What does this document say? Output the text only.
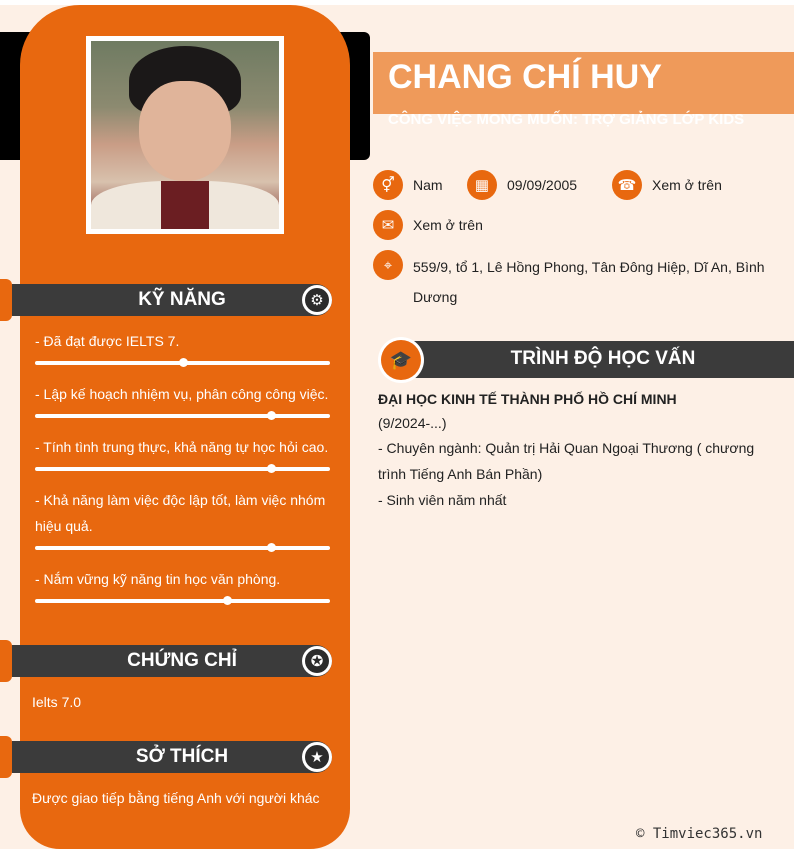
KỸ NĂNG	⚙
- Đã đạt được IELTS 7.
- Lập kế hoạch nhiệm vụ, phân công công việc.
- Tính tình trung thực, khả năng tự học hỏi cao.
- Khả năng làm việc độc lập tốt, làm việc nhóm hiệu quả.
- Nắm vững kỹ năng tin học văn phòng.
CHỨNG CHỈ	✪
Ielts 7.0
SỞ THÍCH	★
Được giao tiếp bằng tiếng Anh với người khác
CHANG CHÍ HUY
CÔNG VIỆC MONG MUỐN: TRỢ GIẢNG LỚP KIDS
⚥	Nam	▦	09/09/2005	☎	Xem ở trên
✉	Xem ở trên
⌖	559/9, tổ 1, Lê Hồng Phong, Tân Đông Hiệp, Dĩ An, Bình Dương
TRÌNH ĐỘ HỌC VẤN
🎓
ĐẠI HỌC KINH TẾ THÀNH PHỐ HỒ CHÍ MINH
(9/2024-...)
- Chuyên ngành: Quản trị Hải Quan Ngoại Thương ( chương trình Tiếng Anh Bán Phần)
- Sinh viên năm nhất
© Timviec365.vn
